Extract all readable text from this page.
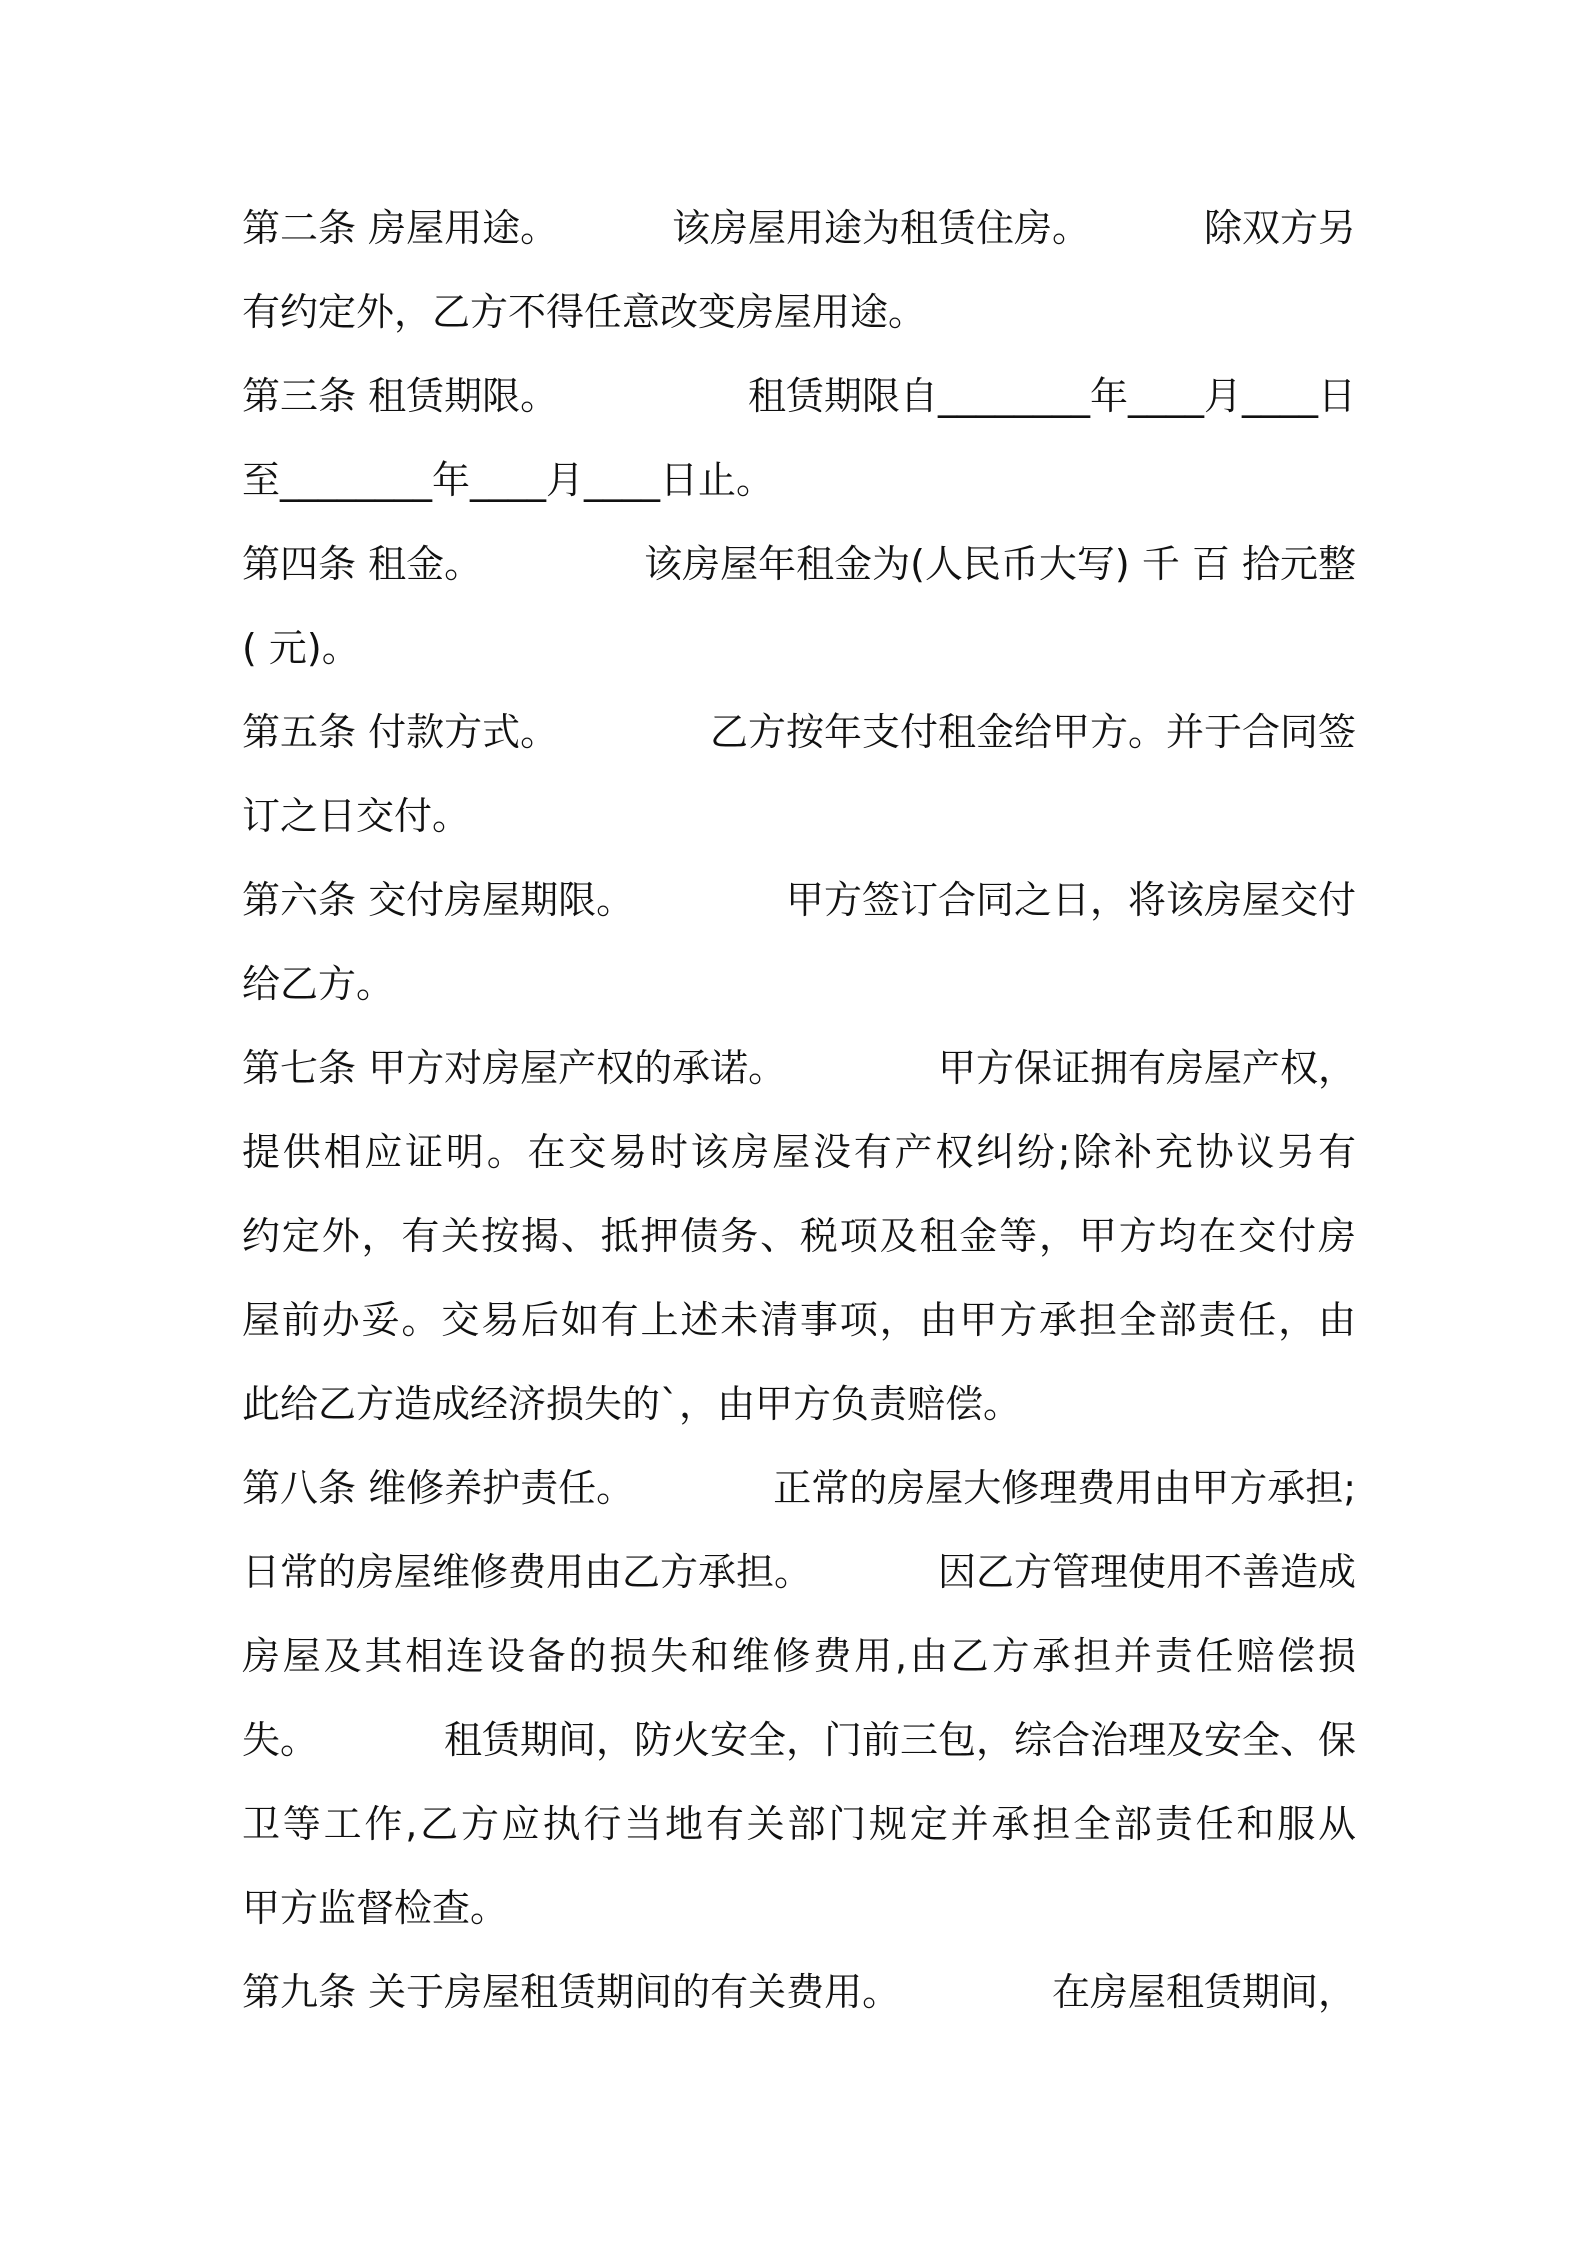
第二条 房屋用途。	该房屋用途为租赁住房。	除双方另
有约定外，乙方不得任意改变房屋用途。
第三条 租赁期限。	租赁期限自________年____月____日
至________年____月____日止。
第四条 租金。	该房屋年租金为(人民币大写) 千 百 拾元整
( 元)。
第五条 付款方式。	乙方按年支付租金给甲方。并于合同签
订之日交付。
第六条 交付房屋期限。	甲方签订合同之日，将该房屋交付
给乙方。
第七条 甲方对房屋产权的承诺。	甲方保证拥有房屋产权，
提供相应证明。在交易时该房屋没有产权纠纷;除补充协议另有
约定外，有关按揭、抵押债务、税项及租金等，甲方均在交付房
屋前办妥。交易后如有上述未清事项，由甲方承担全部责任，由
此给乙方造成经济损失的`，由甲方负责赔偿。
第八条 维修养护责任。	正常的房屋大修理费用由甲方承担;
日常的房屋维修费用由乙方承担。	因乙方管理使用不善造成
房屋及其相连设备的损失和维修费用,由乙方承担并责任赔偿损
失。	租赁期间，防火安全，门前三包，综合治理及安全、保
卫等工作,乙方应执行当地有关部门规定并承担全部责任和服从
甲方监督检查。
第九条 关于房屋租赁期间的有关费用。	在房屋租赁期间，
